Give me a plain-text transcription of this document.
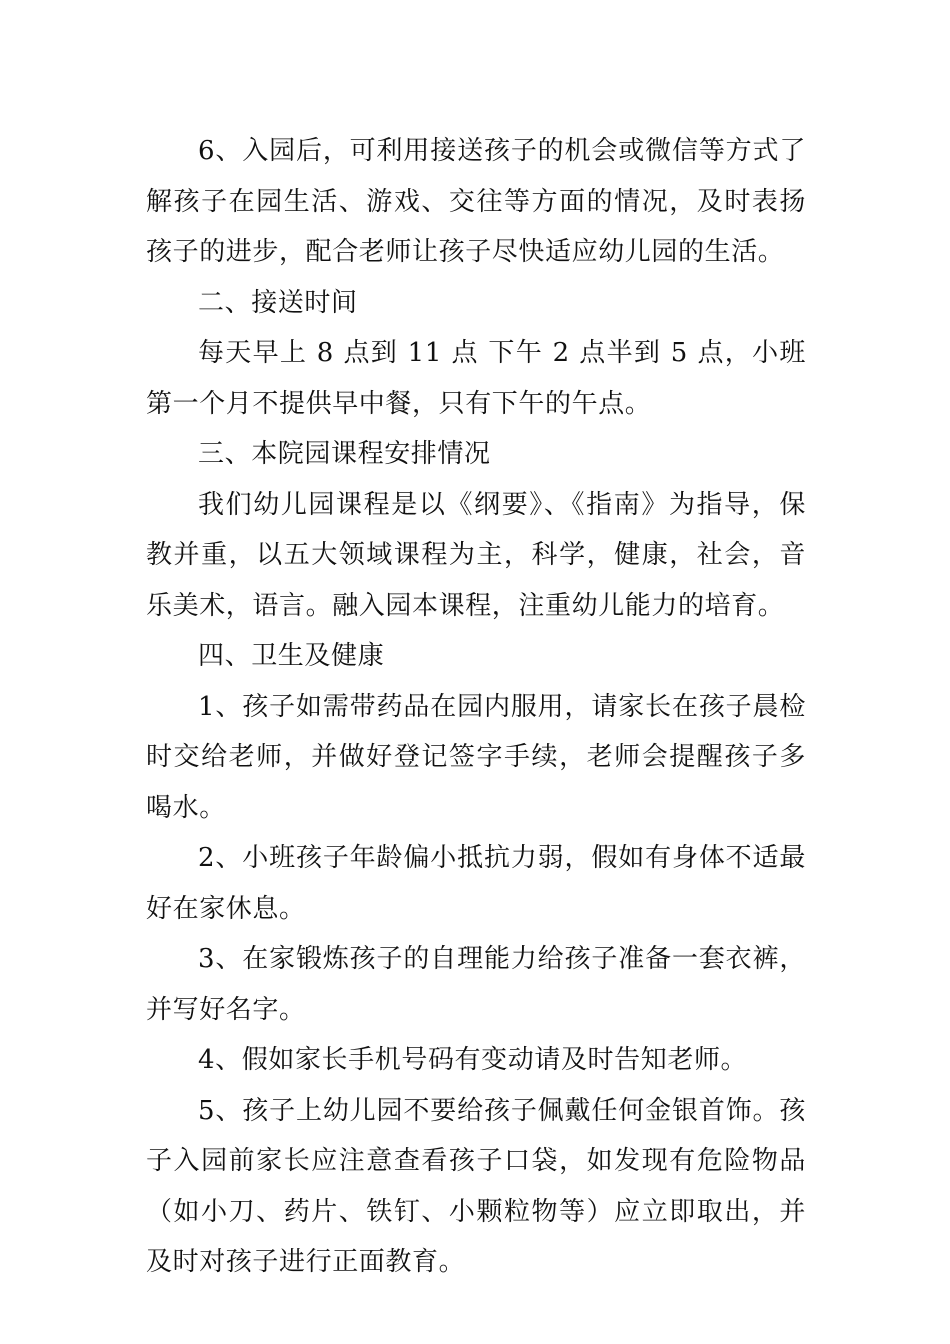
6、入园后，可利用接送孩子的机会或微信等方式了解孩子在园生活、游戏、交往等方面的情况，及时表扬孩子的进步，配合老师让孩子尽快适应幼儿园的生活。

二、接送时间

每天早上 8 点到 11 点 下午 2 点半到 5 点，小班第一个月不提供早中餐，只有下午的午点。

三、本院园课程安排情况

我们幼儿园课程是以《纲要》、《指南》为指导，保教并重，以五大领域课程为主，科学，健康，社会，音乐美术，语言。融入园本课程，注重幼儿能力的培育。

四、卫生及健康

1、孩子如需带药品在园内服用，请家长在孩子晨检时交给老师，并做好登记签字手续，老师会提醒孩子多喝水。

2、小班孩子年龄偏小抵抗力弱，假如有身体不适最好在家休息。

3、在家锻炼孩子的自理能力给孩子准备一套衣裤，并写好名字。

4、假如家长手机号码有变动请及时告知老师。

5、孩子上幼儿园不要给孩子佩戴任何金银首饰。孩子入园前家长应注意查看孩子口袋，如发现有危险物品（如小刀、药片、铁钉、小颗粒物等）应立即取出，并及时对孩子进行正面教育。
